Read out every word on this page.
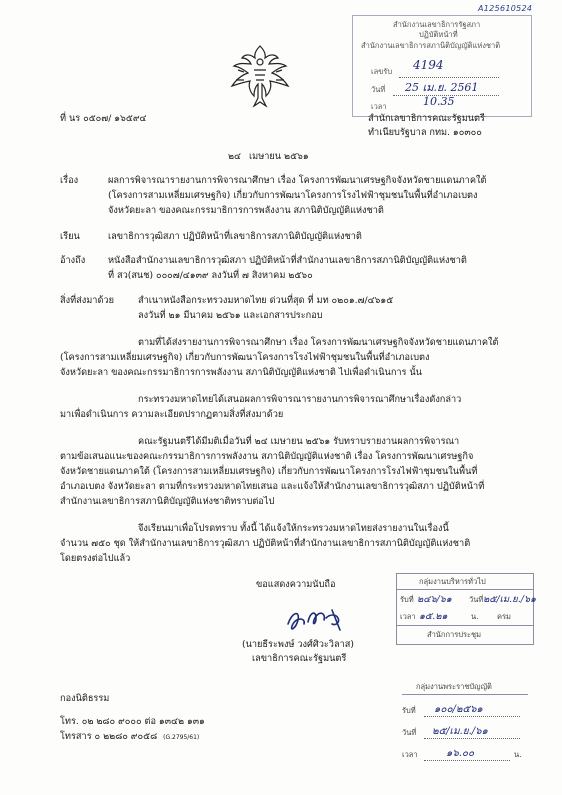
A125610524
สำนักงานเลขาธิการรัฐสภา
ปฏิบัติหน้าที่
สำนักงานเลขาธิการสภานิติบัญญัติแห่งชาติ
เลขรับ 4194
วันที่ 25 เม.ย. 2561
เวลา	10.35
ที่ นร ๐๕๐๗/ ๑๖๕๙๔	สำนักเลขาธิการคณะรัฐมนตรี
ทำเนียบรัฐบาล กทม. ๑๐๓๐๐
๒๔ เมษายน ๒๕๖๑
เรื่อง	ผลการพิจารณารายงานการพิจารณาศึกษา เรื่อง โครงการพัฒนาเศรษฐกิจจังหวัดชายแดนภาคใต้
(โครงการสามเหลี่ยมเศรษฐกิจ) เกี่ยวกับการพัฒนาโครงการโรงไฟฟ้าชุมชนในพื้นที่อำเภอเบตง
จังหวัดยะลา ของคณะกรรมาธิการการพลังงาน สภานิติบัญญัติแห่งชาติ
เรียน	เลขาธิการวุฒิสภา ปฏิบัติหน้าที่เลขาธิการสภานิติบัญญัติแห่งชาติ
อ้างถึง หนังสือสำนักงานเลขาธิการวุฒิสภา ปฏิบัติหน้าที่สำนักงานเลขาธิการสภานิติบัญญัติแห่งชาติ
ที่ สว(สนช) ๐๐๐๗/๔๑๓๙ ลงวันที่ ๗ สิงหาคม ๒๕๖๐
สิ่งที่ส่งมาด้วย	สำเนาหนังสือกระทรวงมหาดไทย ด่วนที่สุด ที่ มท ๐๒๐๑.๗/๔๖๑๕
ลงวันที่ ๒๑ มีนาคม ๒๕๖๑ และเอกสารประกอบ
ตามที่ได้ส่งรายงานการพิจารณาศึกษา เรื่อง โครงการพัฒนาเศรษฐกิจจังหวัดชายแดนภาคใต้
(โครงการสามเหลี่ยมเศรษฐกิจ) เกี่ยวกับการพัฒนาโครงการโรงไฟฟ้าชุมชนในพื้นที่อำเภอเบตง
จังหวัดยะลา ของคณะกรรมาธิการการพลังงาน สภานิติบัญญัติแห่งชาติ ไปเพื่อดำเนินการ นั้น
กระทรวงมหาดไทยได้เสนอผลการพิจารณารายงานการพิจารณาศึกษาเรื่องดังกล่าว
มาเพื่อดำเนินการ ความละเอียดปรากฏตามสิ่งที่ส่งมาด้วย
คณะรัฐมนตรีได้มีมติเมื่อวันที่ ๒๔ เมษายน ๒๕๖๑ รับทราบรายงานผลการพิจารณา
ตามข้อเสนอแนะของคณะกรรมาธิการการพลังงาน สภานิติบัญญัติแห่งชาติ เรื่อง โครงการพัฒนาเศรษฐกิจ
จังหวัดชายแดนภาคใต้ (โครงการสามเหลี่ยมเศรษฐกิจ) เกี่ยวกับการพัฒนาโครงการโรงไฟฟ้าชุมชนในพื้นที่
อำเภอเบตง จังหวัดยะลา ตามที่กระทรวงมหาดไทยเสนอ และแจ้งให้สำนักงานเลขาธิการวุฒิสภา ปฏิบัติหน้าที่
สำนักงานเลขาธิการสภานิติบัญญัติแห่งชาติทราบต่อไป
จึงเรียนมาเพื่อโปรดทราบ ทั้งนี้ ได้แจ้งให้กระทรวงมหาดไทยส่งรายงานในเรื่องนี้
จำนวน ๗๕๐ ชุด ให้สำนักงานเลขาธิการวุฒิสภา ปฏิบัติหน้าที่สำนักงานเลขาธิการสภานิติบัญญัติแห่งชาติ
โดยตรงต่อไปแล้ว
ขอแสดงความนับถือ
(นายธีระพงษ์ วงศ์ศิวะวิลาส)
เลขาธิการคณะรัฐมนตรี
กลุ่มงานบริหารทั่วไป
รับที่ ๒๔๖/๖๑ วันที่ ๒๕/เม.ย./๖๑
เวลา ๑๕.๒๑	น. ครม
สำนักการประชุม
กลุ่มงานพระราชบัญญัติ
รับที่ ๑๐๐/๒๕๖๑
วันที่ ๒๕/เม.ย./๖๑
เวลา	๑๖.๐๐	น.
กองนิติธรรม
โทร. ๐๒ ๒๘๐ ๙๐๐๐ ต่อ ๑๓๔๒ ๑๓๑
โทรสาร ๐ ๒๒๘๐ ๙๐๕๘ (G.2795/61)
